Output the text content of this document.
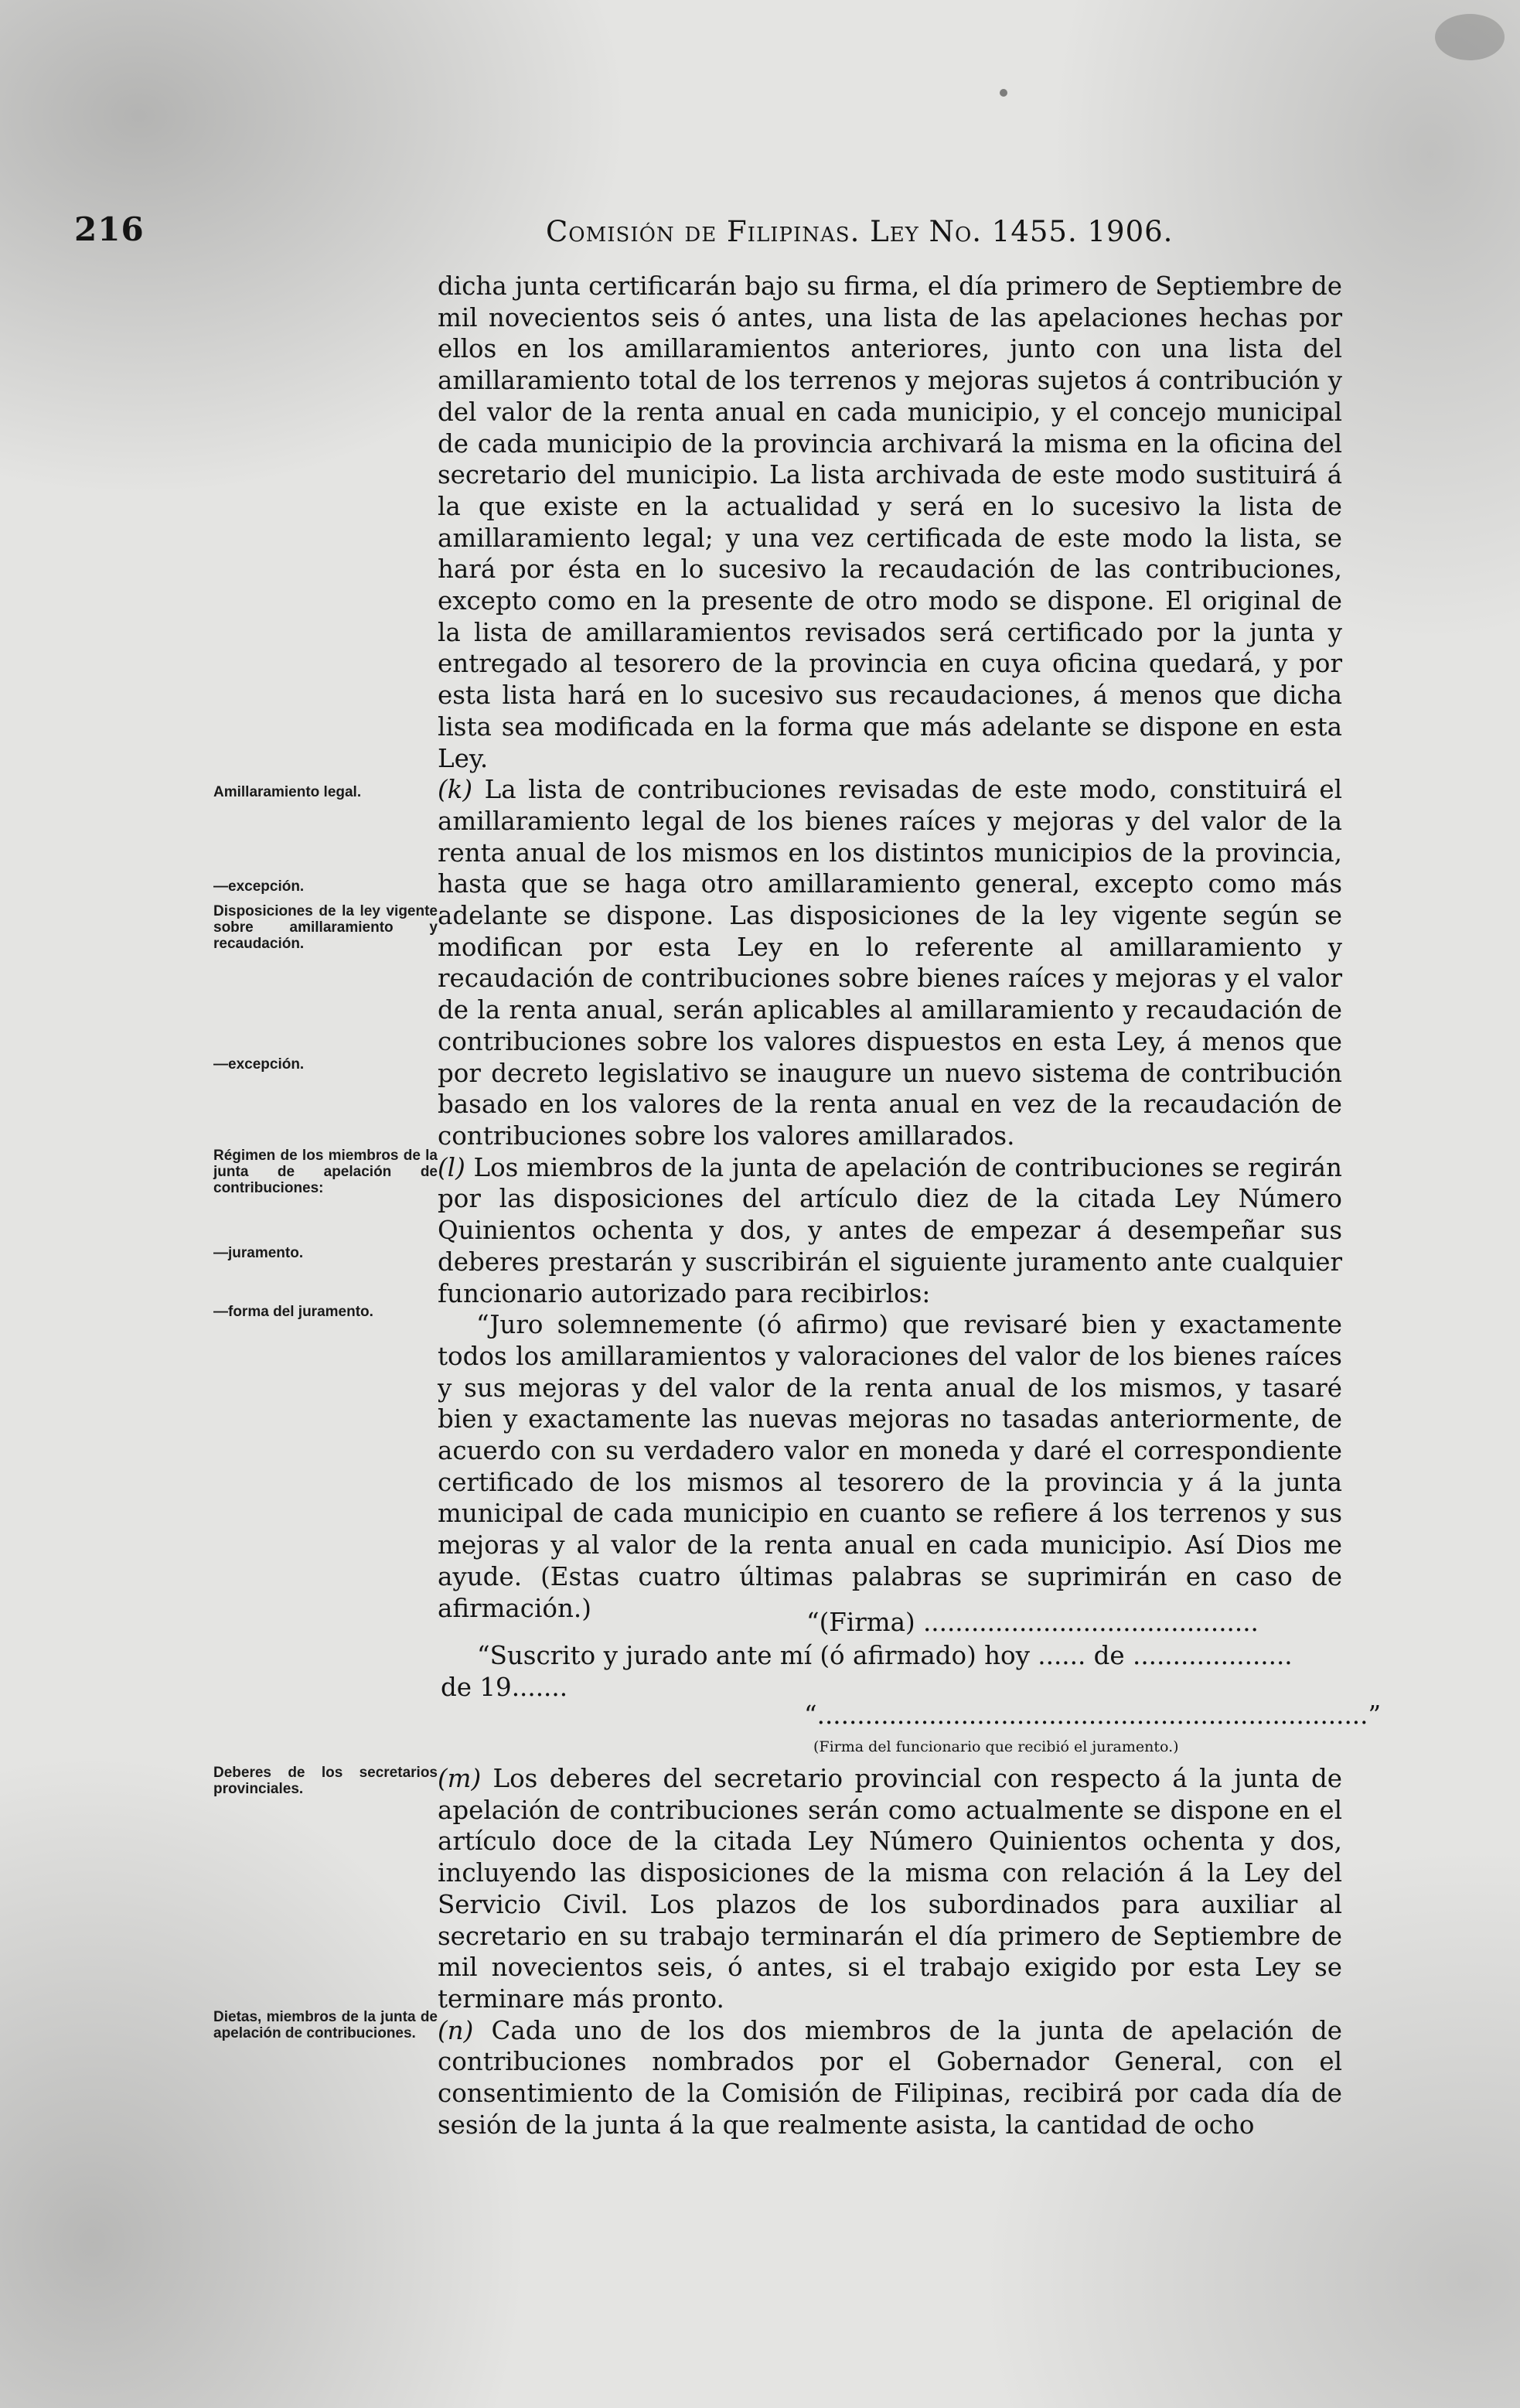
216	Comisión de Filipinas. Ley No. 1455. 1906.

dicha junta certificarán bajo su firma, el día primero de Septiembre de mil novecientos seis ó antes, una lista de las apelaciones hechas por ellos en los amillaramientos anteriores, junto con una lista del amillaramiento total de los terrenos y mejoras sujetos á contribución y del valor de la renta anual en cada municipio, y el concejo municipal de cada municipio de la provincia archivará la misma en la oficina del secretario del municipio. La lista archivada de este modo sustituirá á la que existe en la actualidad y será en lo sucesivo la lista de amillaramiento legal; y una vez certificada de este modo la lista, se hará por ésta en lo sucesivo la recaudación de las contribuciones, excepto como en la presente de otro modo se dispone. El original de la lista de amillaramientos revisados será certificado por la junta y entregado al tesorero de la provincia en cuya oficina quedará, y por esta lista hará en lo sucesivo sus recaudaciones, á menos que dicha lista sea modificada en la forma que más adelante se dispone en esta Ley.

(k) La lista de contribuciones revisadas de este modo, constituirá el amillaramiento legal de los bienes raíces y mejoras y del valor de la renta anual de los mismos en los distintos municipios de la provincia, hasta que se haga otro amillaramiento general, excepto como más adelante se dispone. Las disposiciones de la ley vigente según se modifican por esta Ley en lo referente al amillaramiento y recaudación de contribuciones sobre bienes raíces y mejoras y el valor de la renta anual, serán aplicables al amillaramiento y recaudación de contribuciones sobre los valores dispuestos en esta Ley, á menos que por decreto legislativo se inaugure un nuevo sistema de contribución basado en los valores de la renta anual en vez de la recaudación de contribuciones sobre los valores amillarados.

(l) Los miembros de la junta de apelación de contribuciones se regirán por las disposiciones del artículo diez de la citada Ley Número Quinientos ochenta y dos, y antes de empezar á desempeñar sus deberes prestarán y suscribirán el siguiente juramento ante cualquier funcionario autorizado para recibirlos:

“Juro solemnemente (ó afirmo) que revisaré bien y exactamente todos los amillaramientos y valoraciones del valor de los bienes raíces y sus mejoras y del valor de la renta anual de los mismos, y tasaré bien y exactamente las nuevas mejoras no tasadas anteriormente, de acuerdo con su verdadero valor en moneda y daré el correspondiente certificado de los mismos al tesorero de la provincia y á la junta municipal de cada municipio en cuanto se refiere á los terrenos y sus mejoras y al valor de la renta anual en cada municipio. Así Dios me ayude. (Estas cuatro últimas palabras se suprimirán en caso de afirmación.)	“(Firma) ..........................................
“Suscrito y jurado ante mí (ó afirmado) hoy ...... de ....................
de 19.......
“.....................................................................”
(Firma del funcionario que recibió el juramento.)

(m) Los deberes del secretario provincial con respecto á la junta de apelación de contribuciones serán como actualmente se dispone en el artículo doce de la citada Ley Número Quinientos ochenta y dos, incluyendo las disposiciones de la misma con relación á la Ley del Servicio Civil. Los plazos de los subordinados para auxiliar al secretario en su trabajo terminarán el día primero de Septiembre de mil novecientos seis, ó antes, si el trabajo exigido por esta Ley se terminare más pronto.

(n) Cada uno de los dos miembros de la junta de apelación de contribuciones nombrados por el Gobernador General, con el consentimiento de la Comisión de Filipinas, recibirá por cada día de sesión de la junta á la que realmente asista, la cantidad de ocho

Amillaramiento legal.
—excepción.
Disposiciones de la ley vigente sobre amillaramiento y recaudación.
—excepción.
Régimen de los miembros de la junta de apelación de contribuciones:
—juramento.
—forma del juramento.
Deberes de los secretarios provinciales.
Dietas, miembros de la junta de apelación de contribuciones.
